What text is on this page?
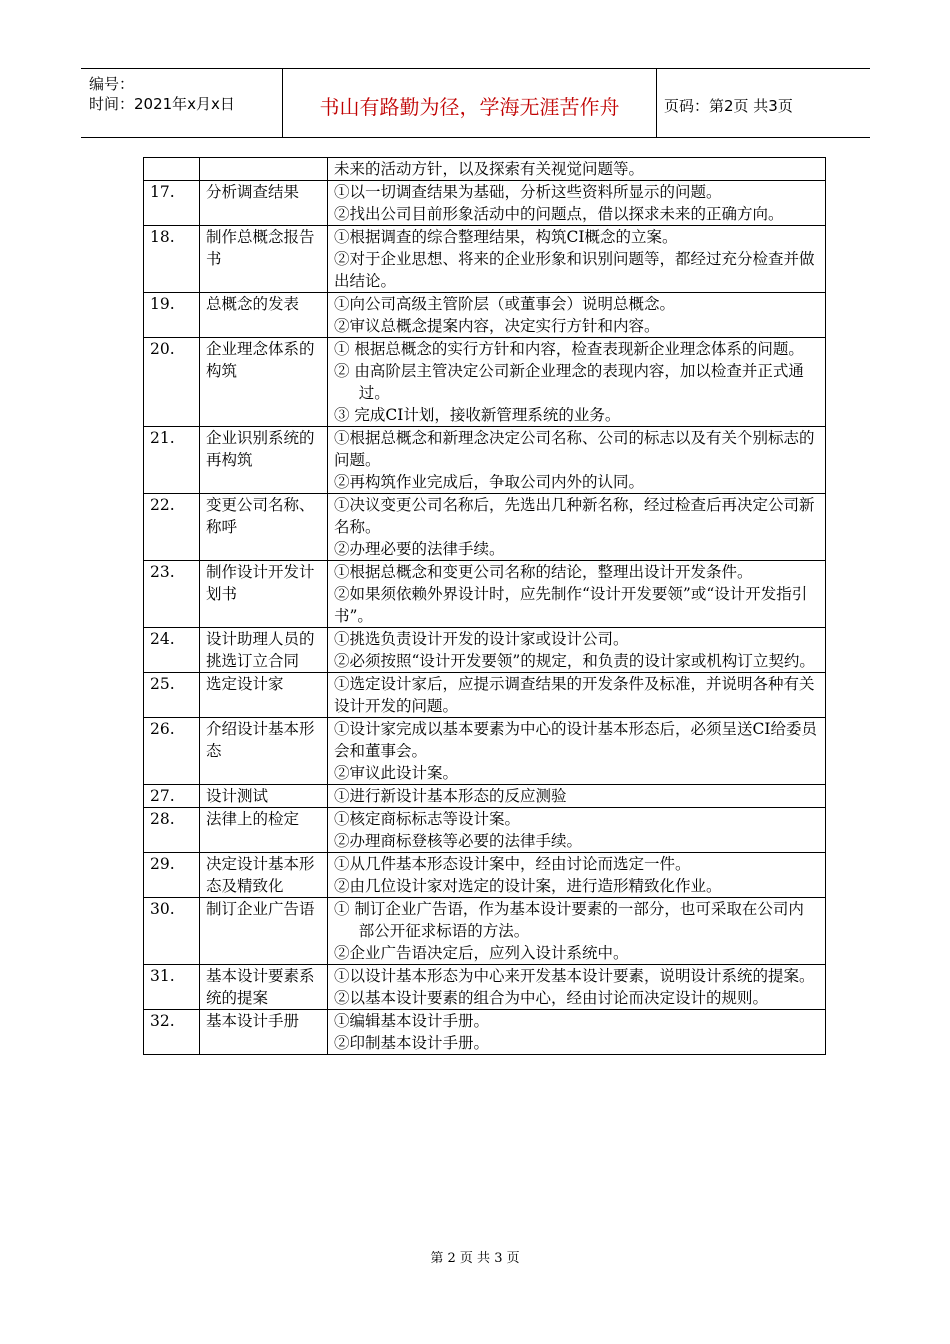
编号：
时间：2021年x月x日	书山有路勤为径，学海无涯苦作舟	页码：第2页 共3页

		未来的活动方针，以及探索有关视觉问题等。

17.	分析调查结果	①以一切调查结果为基础，分析这些资料所显示的问题。
②找出公司目前形象活动中的问题点，借以探求未来的正确方向。

18.	制作总概念报告书	①根据调查的综合整理结果，构筑CI概念的立案。
②对于企业思想、将来的企业形象和识别问题等，都经过充分检查并做出结论。

19.	总概念的发表	①向公司高级主管阶层（或董事会）说明总概念。
②审议总概念提案内容，决定实行方针和内容。

20.	企业理念体系的构筑	① 根据总概念的实行方针和内容，检查表现新企业理念体系的问题。
② 由高阶层主管决定公司新企业理念的表现内容，加以检查并正式通过。
③ 完成CI计划，接收新管理系统的业务。

21.	企业识别系统的再构筑	①根据总概念和新理念决定公司名称、公司的标志以及有关个别标志的问题。
②再构筑作业完成后，争取公司内外的认同。

22.	变更公司名称、称呼	①决议变更公司名称后，先选出几种新名称，经过检查后再决定公司新名称。
②办理必要的法律手续。

23.	制作设计开发计划书	①根据总概念和变更公司名称的结论，整理出设计开发条件。
②如果须依赖外界设计时，应先制作“设计开发要领”或“设计开发指引书”。

24.	设计助理人员的挑选订立合同	①挑选负责设计开发的设计家或设计公司。
②必须按照“设计开发要领”的规定，和负责的设计家或机构订立契约。

25.	选定设计家	①选定设计家后，应提示调查结果的开发条件及标准，并说明各种有关设计开发的问题。

26.	介绍设计基本形态	①设计家完成以基本要素为中心的设计基本形态后，必须呈送CI给委员会和董事会。
②审议此设计案。

27.	设计测试	①进行新设计基本形态的反应测验

28.	法律上的检定	①核定商标标志等设计案。
②办理商标登核等必要的法律手续。

29.	决定设计基本形态及精致化	①从几件基本形态设计案中，经由讨论而选定一件。
②由几位设计家对选定的设计案，进行造形精致化作业。

30.	制订企业广告语	① 制订企业广告语，作为基本设计要素的一部分，也可采取在公司内部公开征求标语的方法。
②企业广告语决定后，应列入设计系统中。

31.	基本设计要素系统的提案	①以设计基本形态为中心来开发基本设计要素，说明设计系统的提案。
②以基本设计要素的组合为中心，经由讨论而决定设计的规则。

32.	基本设计手册	①编辑基本设计手册。
②印制基本设计手册。
第 2 页 共 3 页
